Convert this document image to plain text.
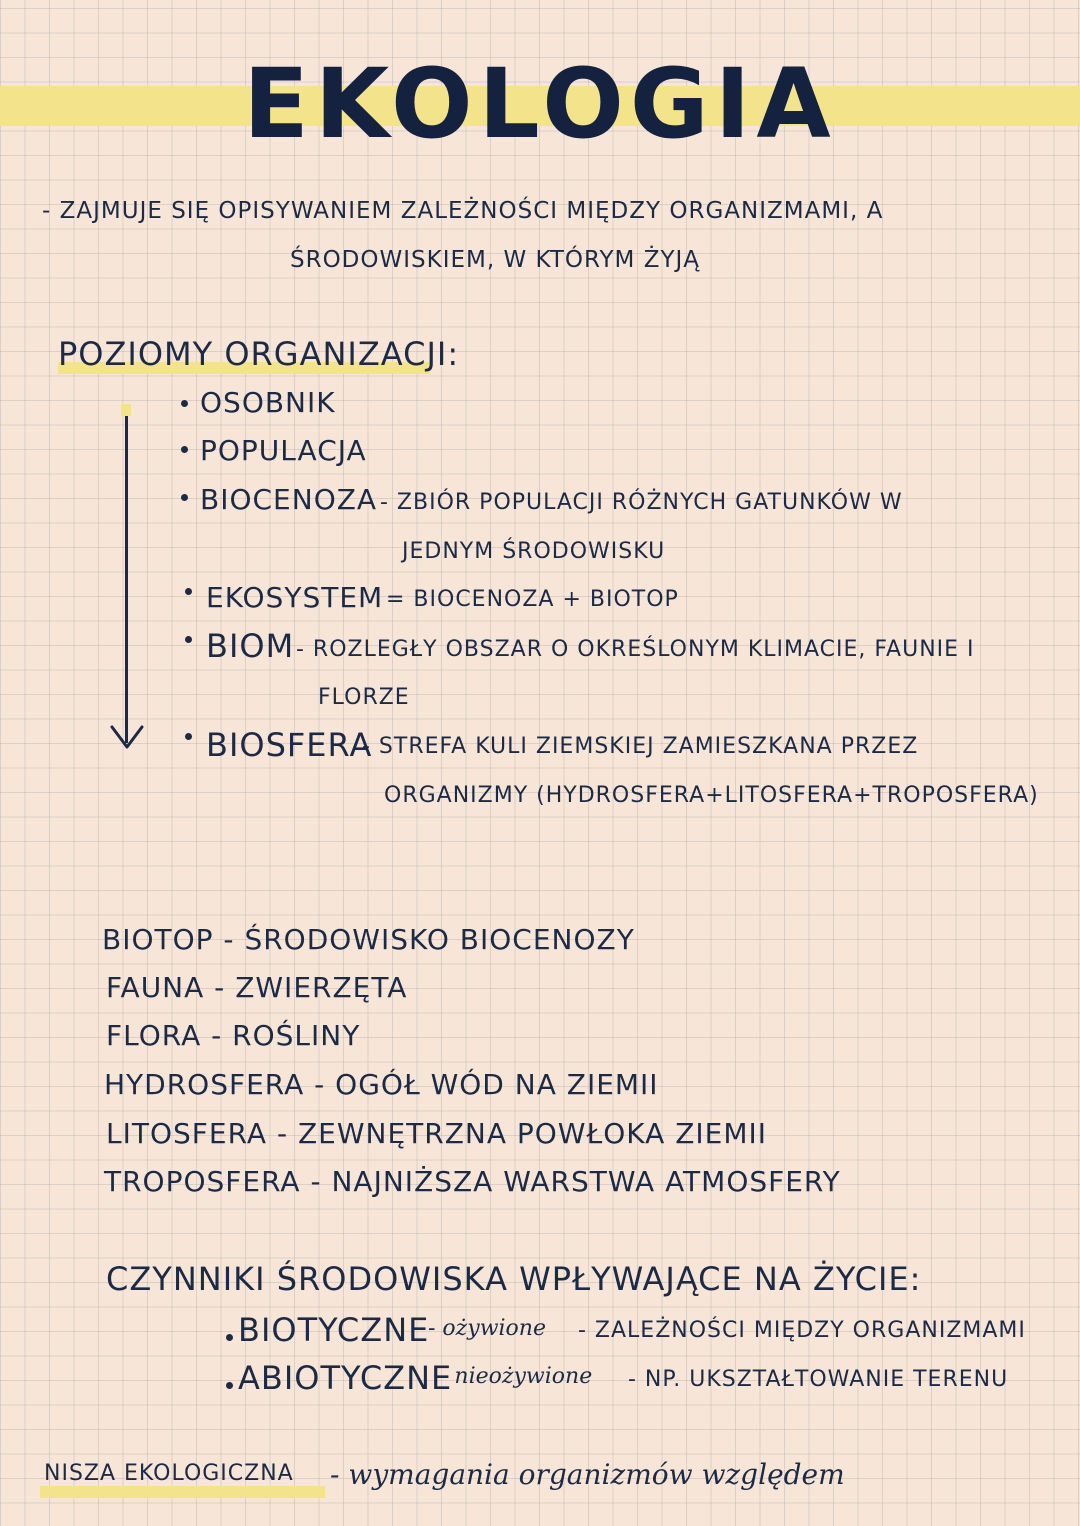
EKOLOGIA
- ZAJMUJE SIĘ OPISYWANIEM ZALEŻNOŚCI MIĘDZY ORGANIZMAMI, A
ŚRODOWISKIEM, W KTÓRYM ŻYJĄ
POZIOMY ORGANIZACJI:
OSOBNIK
POPULACJA
BIOCENOZA - ZBIÓR POPULACJI RÓŻNYCH GATUNKÓW W
JEDNYM ŚRODOWISKU
EKOSYSTEM = BIOCENOZA + BIOTOP
BIOM - ROZLEGŁY OBSZAR O OKREŚLONYM KLIMACIE, FAUNIE I
FLORZE
BIOSFERA
- STREFA KULI ZIEMSKIEJ ZAMIESZKANA PRZEZ
ORGANIZMY (HYDROSFERA+LITOSFERA+TROPOSFERA)
BIOTOP - ŚRODOWISKO BIOCENOZY
FAUNA - ZWIERZĘTA
FLORA - ROŚLINY
HYDROSFERA - OGÓŁ WÓD NA ZIEMII
LITOSFERA - ZEWNĘTRZNA POWŁOKA ZIEMII
TROPOSFERA - NAJNIŻSZA WARSTWA ATMOSFERY
CZYNNIKI ŚRODOWISKA WPŁYWAJĄCE NA ŻYCIE:
BIOTYCZNE
- ożywione - ZALEŻNOŚCI MIĘDZY ORGANIZMAMI
ABIOTYCZNE
- nieożywione - NP. UKSZTAŁTOWANIE TERENU
NISZA EKOLOGICZNA - wymagania organizmów względem
